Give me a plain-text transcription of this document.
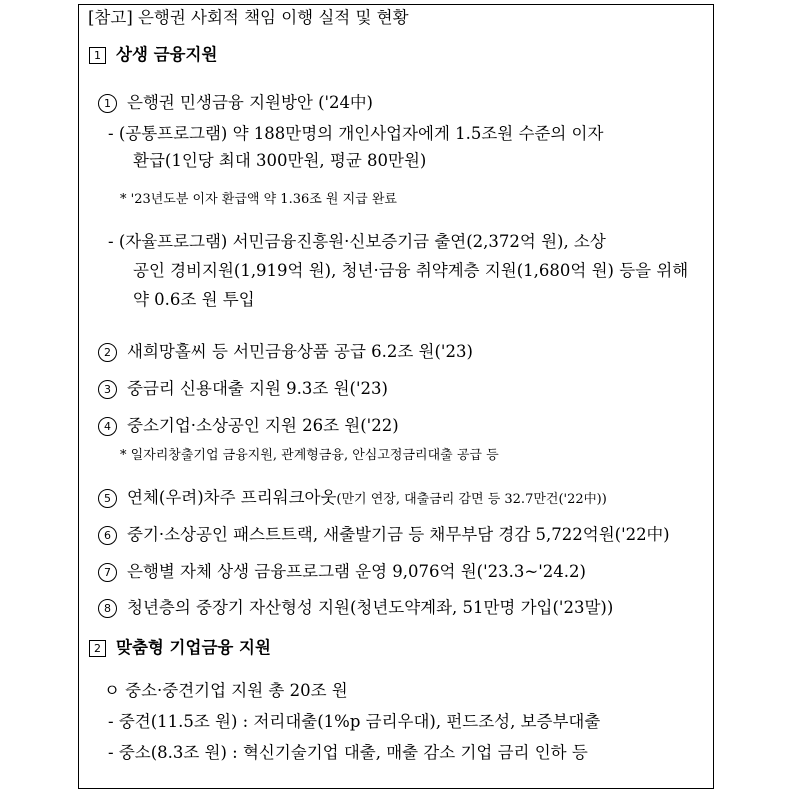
[참고] 은행권 사회적 책임 이행 실적 및 현황
1 상생 금융지원
1 은행권 민생금융 지원방안 ('24中)
- (공통프로그램) 약 188만명의 개인사업자에게 1.5조원 수준의 이자
환급(1인당 최대 300만원, 평균 80만원)
* '23년도분 이자 환급액 약 1.36조 원 지급 완료
- (자율프로그램) 서민금융진흥원·신보증기금 출연(2,372억 원), 소상
공인 경비지원(1,919억 원), 청년·금융 취약계층 지원(1,680억 원) 등을 위해
약 0.6조 원 투입
2 새희망홀씨 등 서민금융상품 공급 6.2조 원('23)
3 중금리 신용대출 지원 9.3조 원('23)
4 중소기업·소상공인 지원 26조 원('22)
* 일자리창출기업 금융지원, 관계형금융, 안심고정금리대출 공급 등
5 연체(우려)차주 프리워크아웃(만기 연장, 대출금리 감면 등 32.7만건('22中))
6 중기·소상공인 패스트트랙, 새출발기금 등 채무부담 경감 5,722억원('22中)
7 은행별 자체 상생 금융프로그램 운영 9,076억 원('23.3~'24.2)
8 청년층의 중장기 자산형성 지원(청년도약계좌, 51만명 가입('23말))
2 맞춤형 기업금융 지원
ㅇ 중소·중견기업 지원 총 20조 원
- 중견(11.5조 원) : 저리대출(1%p 금리우대), 펀드조성, 보증부대출
- 중소(8.3조 원) : 혁신기술기업 대출, 매출 감소 기업 금리 인하 등
